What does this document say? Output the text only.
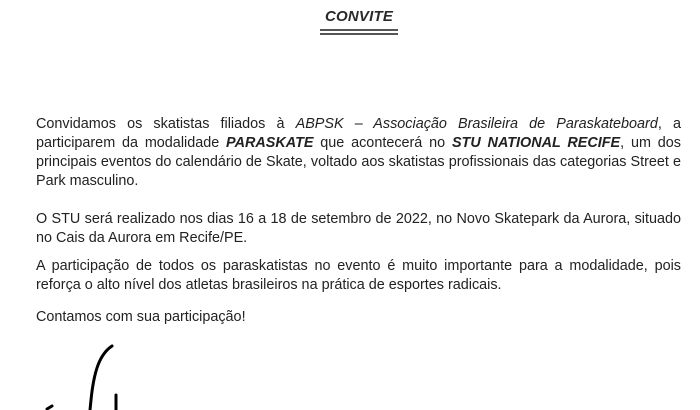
CONVITE
Convidamos os skatistas filiados à ABPSK – Associação Brasileira de Paraskateboard, a participarem da modalidade PARASKATE que acontecerá no STU NATIONAL RECIFE, um dos principais eventos do calendário de Skate, voltado aos skatistas profissionais das categorias Street e Park masculino.
O STU será realizado nos dias 16 a 18 de setembro de 2022, no Novo Skatepark da Aurora, situado no Cais da Aurora em Recife/PE.
A participação de todos os paraskatistas no evento é muito importante para a modalidade, pois reforça o alto nível dos atletas brasileiros na prática de esportes radicais.
Contamos com sua participação!
